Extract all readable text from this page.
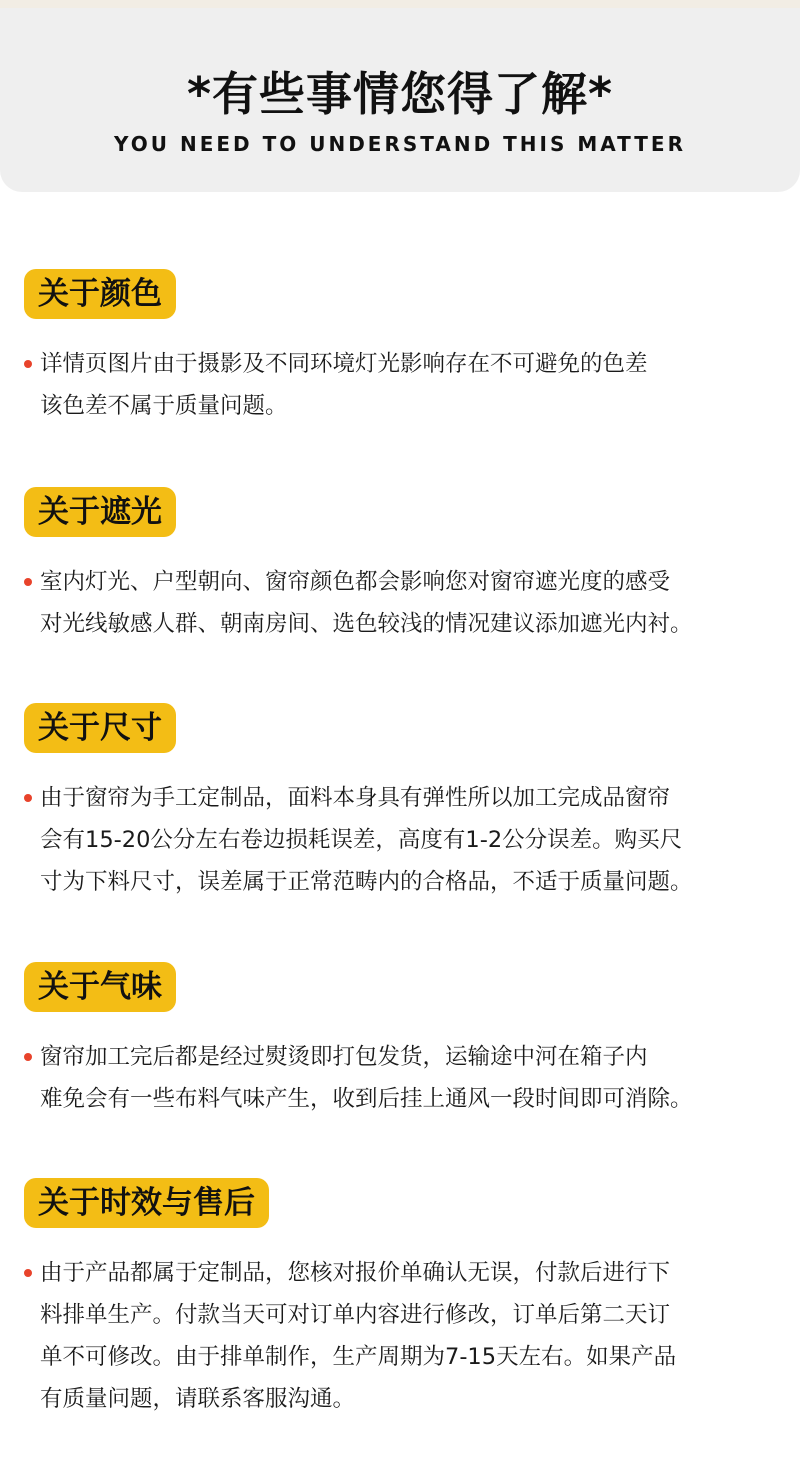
*有些事情您得了解*
YOU NEED TO UNDERSTAND THIS MATTER
关于颜色

详情页图片由于摄影及不同环境灯光影响存在不可避免的色差

该色差不属于质量问题。

关于遮光

室内灯光、户型朝向、窗帘颜色都会影响您对窗帘遮光度的感受

对光线敏感人群、朝南房间、选色较浅的情况建议添加遮光内衬。

关于尺寸

由于窗帘为手工定制品，面料本身具有弹性所以加工完成品窗帘

会有15-20公分左右卷边损耗误差，高度有1-2公分误差。购买尺

寸为下料尺寸，误差属于正常范畴内的合格品，不适于质量问题。

关于气味

窗帘加工完后都是经过熨烫即打包发货，运输途中河在箱子内

难免会有一些布料气味产生，收到后挂上通风一段时间即可消除。

关于时效与售后

由于产品都属于定制品，您核对报价单确认无误，付款后进行下

料排单生产。付款当天可对订单内容进行修改，订单后第二天订

单不可修改。由于排单制作，生产周期为7-15天左右。如果产品

有质量问题，请联系客服沟通。
